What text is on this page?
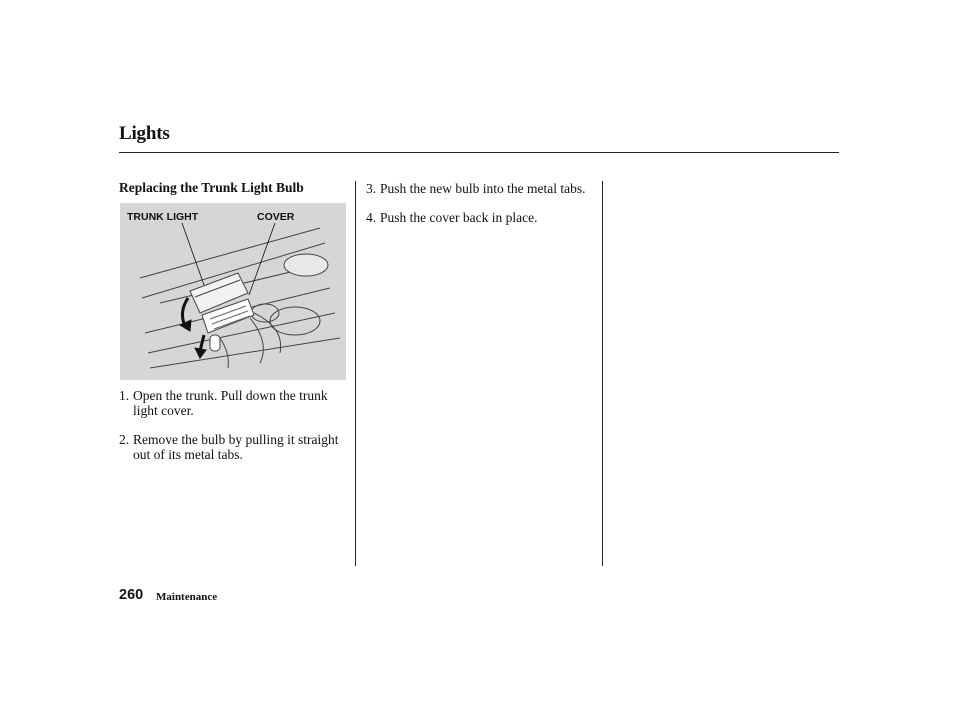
Lights
Replacing the Trunk Light Bulb
TRUNK LIGHT	COVER
1. Open the trunk. Pull down the trunk light cover.
2. Remove the bulb by pulling it straight out of its metal tabs.
3. Push the new bulb into the metal tabs.
4. Push the cover back in place.
260 Maintenance
